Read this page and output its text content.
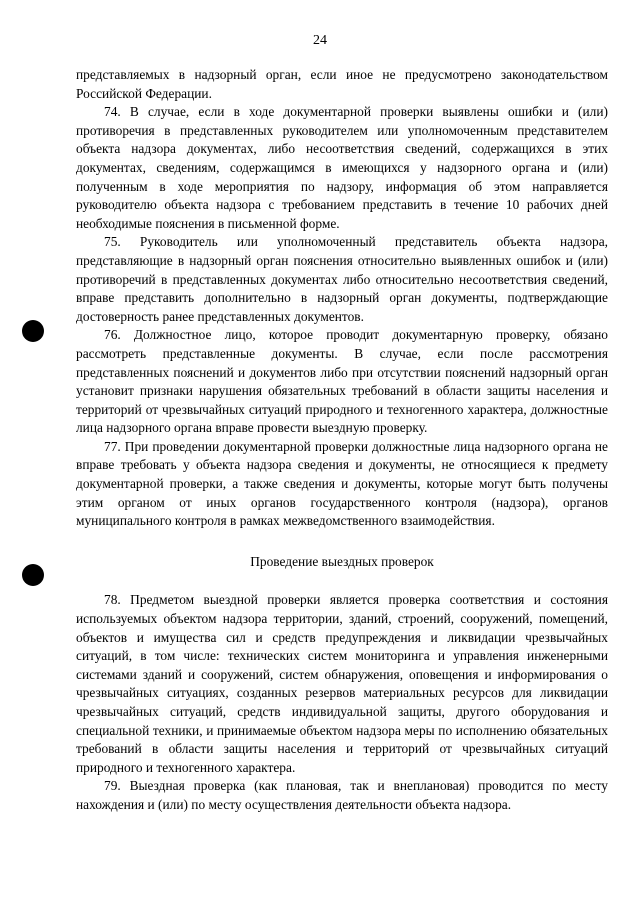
24

представляемых в надзорный орган, если иное не предусмотрено законодательством Российской Федерации.

74. В случае, если в ходе документарной проверки выявлены ошибки и (или) противоречия в представленных руководителем или уполномоченным представителем объекта надзора документах, либо несоответствия сведений, содержащихся в этих документах, сведениям, содержащимся в имеющихся у надзорного органа и (или) полученным в ходе мероприятия по надзору, информация об этом направляется руководителю объекта надзора с требованием представить в течение 10 рабочих дней необходимые пояснения в письменной форме.

75. Руководитель или уполномоченный представитель объекта надзора, представляющие в надзорный орган пояснения относительно выявленных ошибок и (или) противоречий в представленных документах либо относительно несоответствия сведений, вправе представить дополнительно в надзорный орган документы, подтверждающие достоверность ранее представленных документов.

76. Должностное лицо, которое проводит документарную проверку, обязано рассмотреть представленные документы. В случае, если после рассмотрения представленных пояснений и документов либо при отсутствии пояснений надзорный орган установит признаки нарушения обязательных требований в области защиты населения и территорий от чрезвычайных ситуаций природного и техногенного характера, должностные лица надзорного органа вправе провести выездную проверку.

77. При проведении документарной проверки должностные лица надзорного органа не вправе требовать у объекта надзора сведения и документы, не относящиеся к предмету документарной проверки, а также сведения и документы, которые могут быть получены этим органом от иных органов государственного контроля (надзора), органов муниципального контроля в рамках межведомственного взаимодействия.

Проведение выездных проверок

78. Предметом выездной проверки является проверка соответствия и состояния используемых объектом надзора территории, зданий, строений, сооружений, помещений, объектов и имущества сил и средств предупреждения и ликвидации чрезвычайных ситуаций, в том числе: технических систем мониторинга и управления инженерными системами зданий и сооружений, систем обнаружения, оповещения и информирования о чрезвычайных ситуациях, созданных резервов материальных ресурсов для ликвидации чрезвычайных ситуаций, средств индивидуальной защиты, другого оборудования и специальной техники, и принимаемые объектом надзора меры по исполнению обязательных требований в области защиты населения и территорий от чрезвычайных ситуаций природного и техногенного характера.

79. Выездная проверка (как плановая, так и внеплановая) проводится по месту нахождения и (или) по месту осуществления деятельности объекта надзора.
